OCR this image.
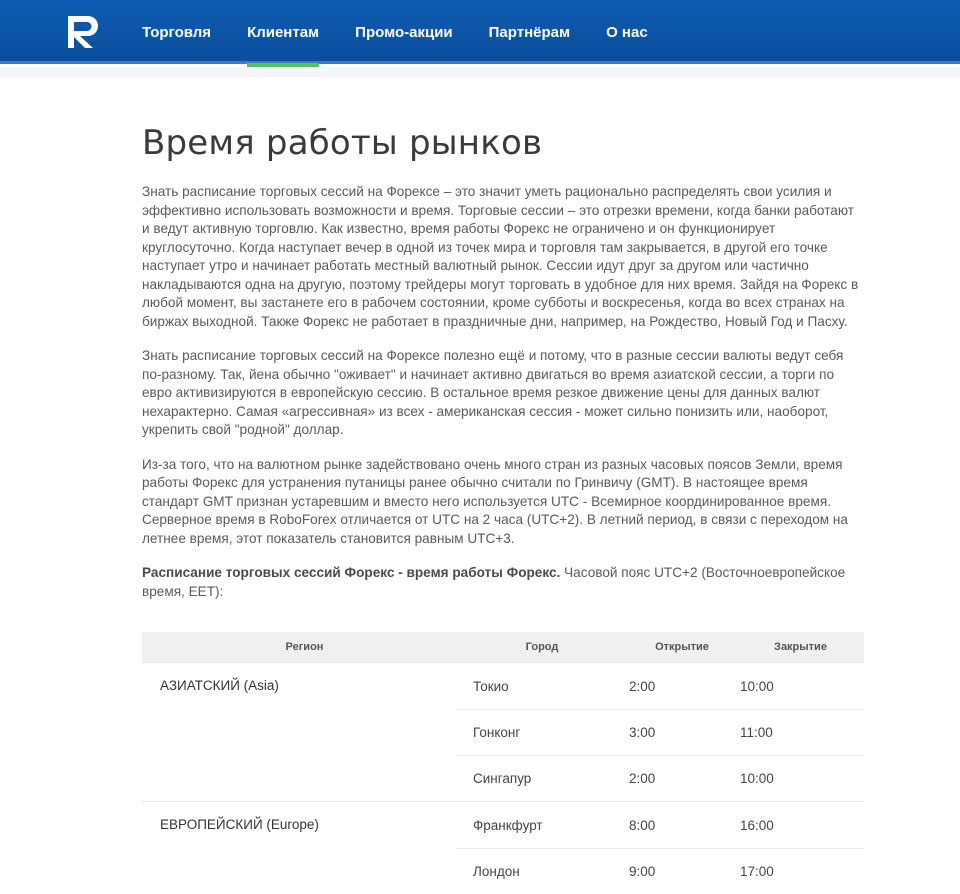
Торговля	Клиентам	Промо-акции	Партнёрам	О нас
Время работы рынков

Знать расписание торговых сессий на Форексе – это значит уметь рационально распределять свои усилия и эффективно использовать возможности и время. Торговые сессии – это отрезки времени, когда банки работают и ведут активную торговлю. Как известно, время работы Форекс не ограничено и он функционирует круглосуточно. Когда наступает вечер в одной из точек мира и торговля там закрывается, в другой его точке наступает утро и начинает работать местный валютный рынок. Сессии идут друг за другом или частично накладываются одна на другую, поэтому трейдеры могут торговать в удобное для них время. Зайдя на Форекс в любой момент, вы застанете его в рабочем состоянии, кроме субботы и воскресенья, когда во всех странах на биржах выходной. Также Форекс не работает в праздничные дни, например, на Рождество, Новый Год и Пасху.

Знать расписание торговых сессий на Форексе полезно ещё и потому, что в разные сессии валюты ведут себя по-разному. Так, йена обычно "оживает" и начинает активно двигаться во время азиатской сессии, а торги по евро активизируются в европейскую сессию. В остальное время резкое движение цены для данных валют нехарактерно. Самая «агрессивная» из всех - американская сессия - может сильно понизить или, наоборот, укрепить свой "родной" доллар.

Из-за того, что на валютном рынке задействовано очень много стран из разных часовых поясов Земли, время работы Форекс для устранения путаницы ранее обычно считали по Гринвичу (GMT). В настоящее время стандарт GMT признан устаревшим и вместо него используется UTC - Всемирное координированное время. Серверное время в RoboForex отличается от UTC на 2 часа (UTC+2). В летний период, в связи с переходом на летнее время, этот показатель становится равным UTC+3.

Расписание торговых сессий Форекс - время работы Форекс. Часовой пояс UTC+2 (Восточноевропейское время, EET):

Регион	Город	Открытие	Закрытие
АЗИАТСКИЙ (Asia)	Токио	2:00	10:00
Гонконг	3:00	11:00
Сингапур	2:00	10:00
ЕВРОПЕЙСКИЙ (Europe)	Франкфурт	8:00	16:00
Лондон	9:00	17:00
